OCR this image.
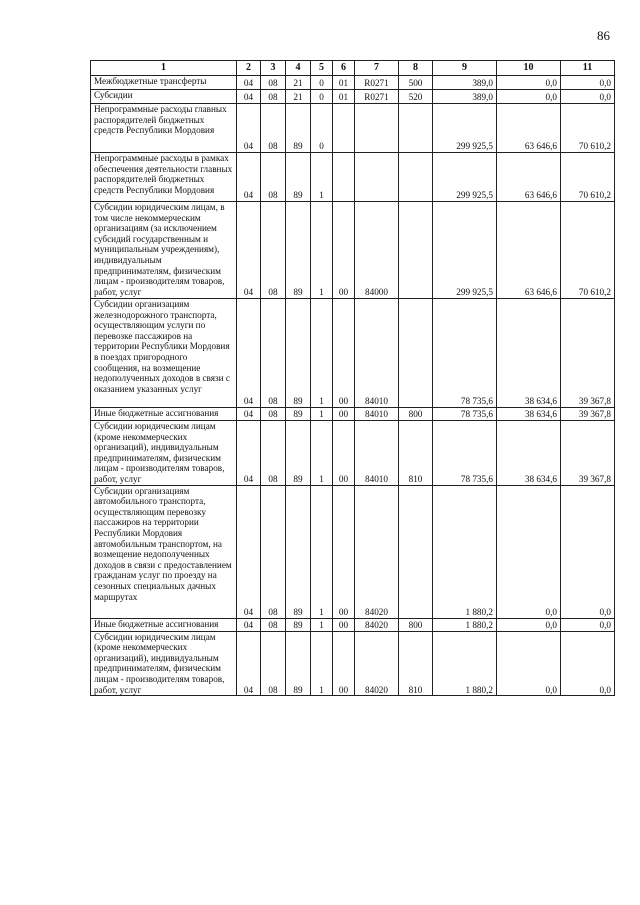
86
1	2	3	4	5	6	7	8	9	10	11
Межбюджетные трансферты	04	08	21	0	01	R0271	500	389,0	0,0	0,0
Субсидии	04	08	21	0	01	R0271	520	389,0	0,0	0,0
Непрограммные расходы главных распорядителей бюджетных средств Республики Мордовия	04	08	89	0				299 925,5	63 646,6	70 610,2
Непрограммные расходы в рамках обеспечения деятельности главных распорядителей бюджетных средств Республики Мордовия	04	08	89	1				299 925,5	63 646,6	70 610,2
Субсидии юридическим лицам, в том числе некоммерческим организациям (за исключением субсидий государственным и муниципальным учреждениям), индивидуальным предпринимателям, физическим лицам - производителям товаров, работ, услуг	04	08	89	1	00	84000		299 925,5	63 646,6	70 610,2
Субсидии организациям железнодорожного транспорта, осуществляющим услуги по перевозке пассажиров на территории Республики Мордовия в поездах пригородного сообщения, на возмещение недополученных доходов в связи с оказанием указанных услуг	04	08	89	1	00	84010		78 735,6	38 634,6	39 367,8
Иные бюджетные ассигнования	04	08	89	1	00	84010	800	78 735,6	38 634,6	39 367,8
Субсидии юридическим лицам (кроме некоммерческих организаций), индивидуальным предпринимателям, физическим лицам - производителям товаров, работ, услуг	04	08	89	1	00	84010	810	78 735,6	38 634,6	39 367,8
Субсидии организациям автомобильного транспорта, осуществляющим перевозку пассажиров на территории Республики Мордовия автомобильным транспортом, на возмещение недополученных доходов в связи с предоставлением гражданам услуг по проезду на сезонных специальных дачных маршрутах	04	08	89	1	00	84020		1 880,2	0,0	0,0
Иные бюджетные ассигнования	04	08	89	1	00	84020	800	1 880,2	0,0	0,0
Субсидии юридическим лицам (кроме некоммерческих организаций), индивидуальным предпринимателям, физическим лицам - производителям товаров, работ, услуг	04	08	89	1	00	84020	810	1 880,2	0,0	0,0
